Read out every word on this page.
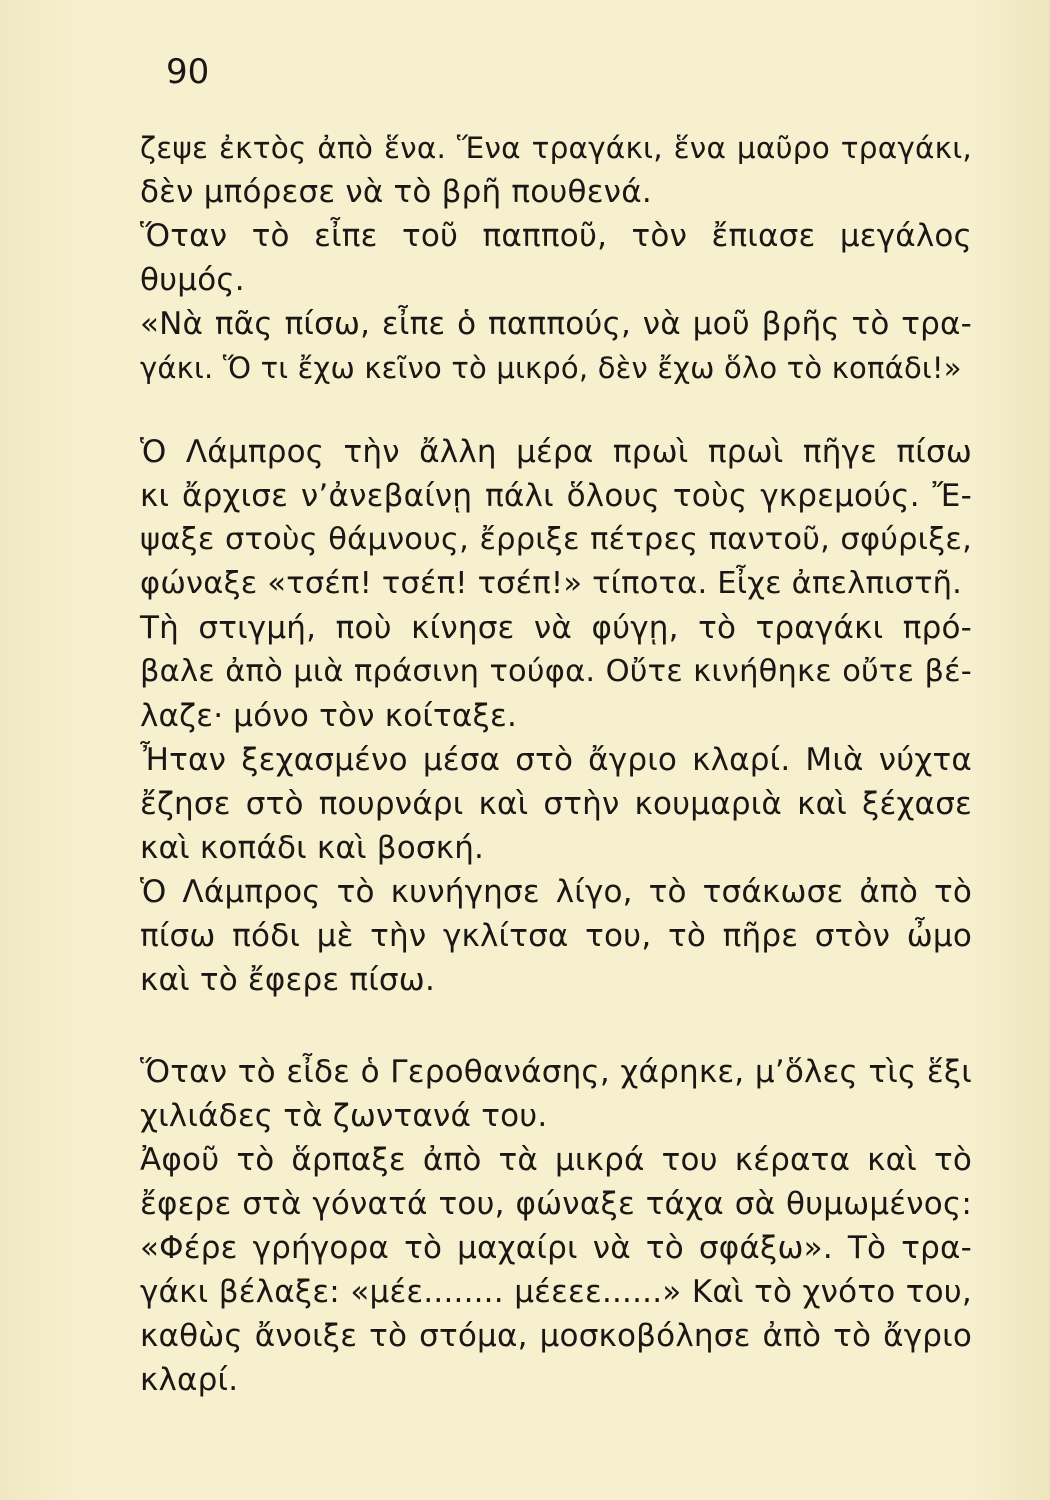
90
ζεψε ἐκτὸς ἀπὸ ἕνα. Ἕνα τραγάκι, ἕνα μαῦρο τραγάκι,
δὲν μπόρεσε νὰ τὸ βρῆ πουθενά.
Ὅταν τὸ εἶπε τοῦ παπποῦ, τὸν ἔπιασε μεγάλος
θυμός.
«Νὰ πᾶς πίσω, εἶπε ὁ παππούς, νὰ μοῦ βρῆς τὸ τρα-
γάκι. Ὅ τι ἔχω κεῖνο τὸ μικρό, δὲν ἔχω ὅλο τὸ κοπάδι!»
Ὁ Λάμπρος τὴν ἄλλη μέρα πρωὶ πρωὶ πῆγε πίσω
κι ἄρχισε ν’ἀνεβαίνῃ πάλι ὅλους τοὺς γκρεμούς. Ἔ-
ψαξε στοὺς θάμνους, ἔρριξε πέτρες παντοῦ, σφύριξε,
φώναξε «τσέπ! τσέπ! τσέπ!» τίποτα. Εἶχε ἀπελπιστῆ.
Τὴ στιγμή, ποὺ κίνησε νὰ φύγῃ, τὸ τραγάκι πρό-
βαλε ἀπὸ μιὰ πράσινη τούφα. Οὔτε κινήθηκε οὔτε βέ-
λαζε· μόνο τὸν κοίταξε.
Ἦταν ξεχασμένο μέσα στὸ ἄγριο κλαρί. Μιὰ νύχτα
ἔζησε στὸ πουρνάρι καὶ στὴν κουμαριὰ καὶ ξέχασε
καὶ κοπάδι καὶ βοσκή.
Ὁ Λάμπρος τὸ κυνήγησε λίγο, τὸ τσάκωσε ἀπὸ τὸ
πίσω πόδι μὲ τὴν γκλίτσα του, τὸ πῆρε στὸν ὦμο
καὶ τὸ ἔφερε πίσω.
Ὅταν τὸ εἶδε ὁ Γεροθανάσης, χάρηκε, μ’ὅλες τὶς ἕξι
χιλιάδες τὰ ζωντανά του.
Ἀφοῦ τὸ ἅρπαξε ἀπὸ τὰ μικρά του κέρατα καὶ τὸ
ἔφερε στὰ γόνατά του, φώναξε τάχα σὰ θυμωμένος:
«Φέρε γρήγορα τὸ μαχαίρι νὰ τὸ σφάξω». Τὸ τρα-
γάκι βέλαξε: «μέε........ μέεεε......» Καὶ τὸ χνότο του,
καθὼς ἄνοιξε τὸ στόμα, μοσκοβόλησε ἀπὸ τὸ ἄγριο
κλαρί.
